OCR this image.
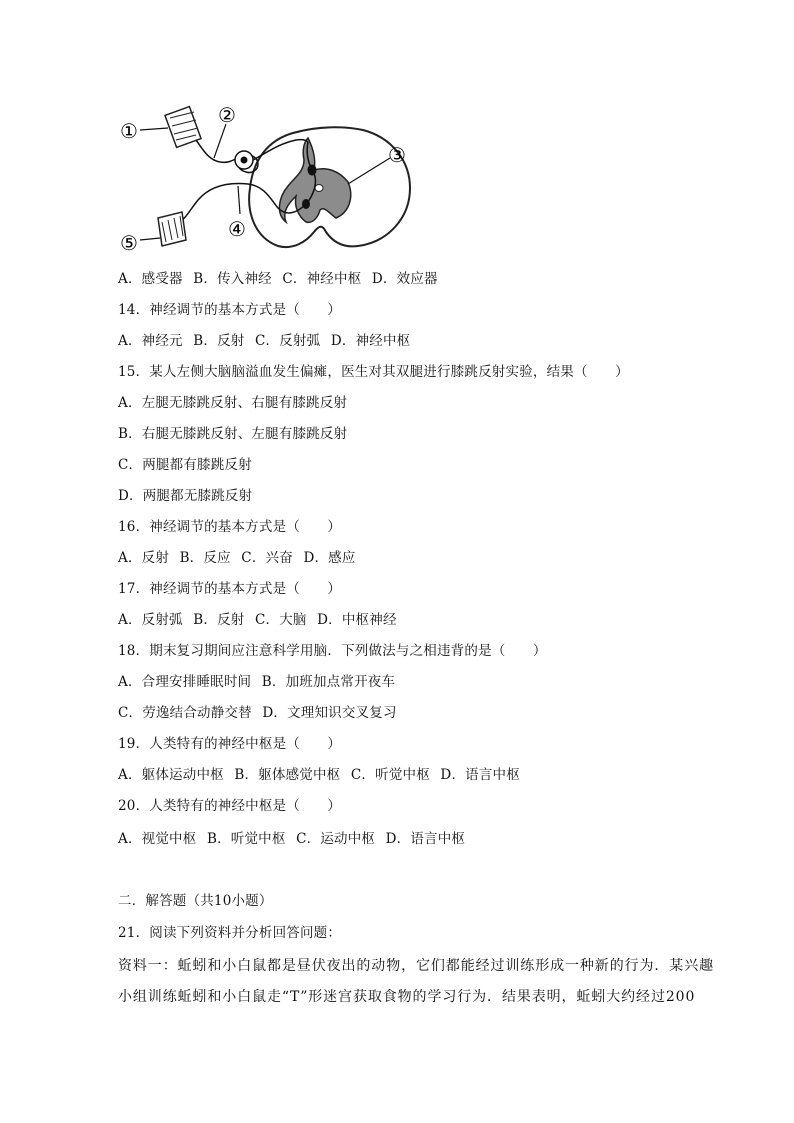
①
②
③
④
⑤
A．感受器 B．传入神经 C．神经中枢 D．效应器
14．神经调节的基本方式是（　　）
A．神经元 B．反射 C．反射弧 D．神经中枢
15．某人左侧大脑脑溢血发生偏瘫，医生对其双腿进行膝跳反射实验，结果（　　）
A．左腿无膝跳反射、右腿有膝跳反射
B．右腿无膝跳反射、左腿有膝跳反射
C．两腿都有膝跳反射
D．两腿都无膝跳反射
16．神经调节的基本方式是（　　）
A．反射 B．反应 C．兴奋 D．感应
17．神经调节的基本方式是（　　）
A．反射弧 B．反射 C．大脑 D．中枢神经
18．期末复习期间应注意科学用脑．下列做法与之相违背的是（　　）
A．合理安排睡眠时间 B．加班加点常开夜车
C．劳逸结合动静交替 D．文理知识交叉复习
19．人类特有的神经中枢是（　　）
A．躯体运动中枢 B．躯体感觉中枢 C．听觉中枢 D．语言中枢
20．人类特有的神经中枢是（　　）
A．视觉中枢 B．听觉中枢 C．运动中枢 D．语言中枢
二．解答题（共10小题）
21．阅读下列资料并分析回答问题：
资料一：蚯蚓和小白鼠都是昼伏夜出的动物，它们都能经过训练形成一种新的行为．某兴趣
小组训练蚯蚓和小白鼠走“T”形迷宫获取食物的学习行为．结果表明，蚯蚓大约经过200
